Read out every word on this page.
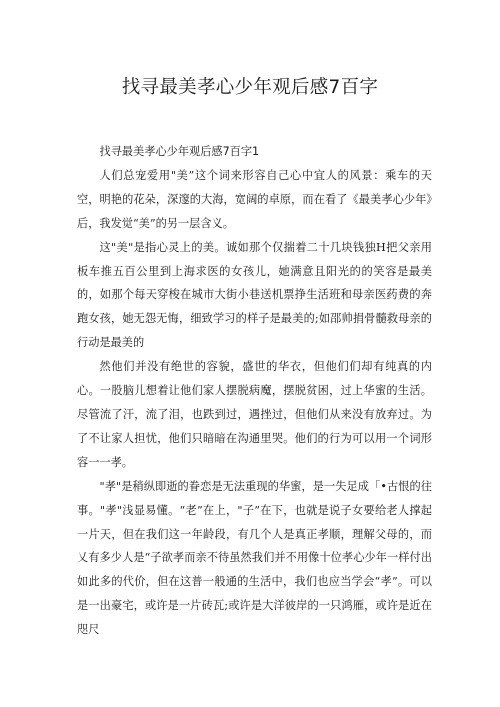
找寻最美孝心少年观后感7百字

找寻最美孝心少年观后感7百字1

人们总宠爱用"美”这个词来形容自己心中宜人的风景：乘车的天空，明艳的花朵，深邃的大海，宽阔的卓原，而在看了《最美孝心少年》后，我发觉“美”的另一层含义。

这"美"是指心灵上的美。诚如那个仅揣着二十几块钱独H把父亲用板车推五百公里到上海求医的女孩儿，她满意且阳光的的笑容是最美的，如那个每天穿梭在城市大街小巷送机票挣生活班和母亲医药费的奔跑女孩，她无怨无悔，细致学习的样子是最美的;如邵帅捐骨髓救母亲的行动是最美的

然他们并没有绝世的容貌，盛世的华衣，但他们们却有纯真的内心。一股脑儿想着让他们家人摆脱病魔，摆脱贫困，过上华蜜的生活。尽管流了汗，流了泪，也跌到过，遇挫过，但他们从来没有放弃过。为了不让家人担忧，他们只暗暗在沟通里哭。他们的行为可以用一个词形容一一孝。

"孝"是稍纵即逝的眷恋是无法重现的华蜜，是一失足成「•古恨的往事。"孝"浅显易懂。“老”在上，"子”在下，也就是说子女要给老人撑起一片天，但在我们这一年龄段，有几个人是真正孝顺，理解父母的，而乂有多少人是“子欲孝而亲不待虽然我们并不用像十位孝心少年一样付出如此多的代价，但在这普一般通的生活中，我们也应当学会“孝”。可以是一出豪宅，或许是一片砖瓦;或许是大洋彼岸的一只鸿雁，或许是近在咫尺
